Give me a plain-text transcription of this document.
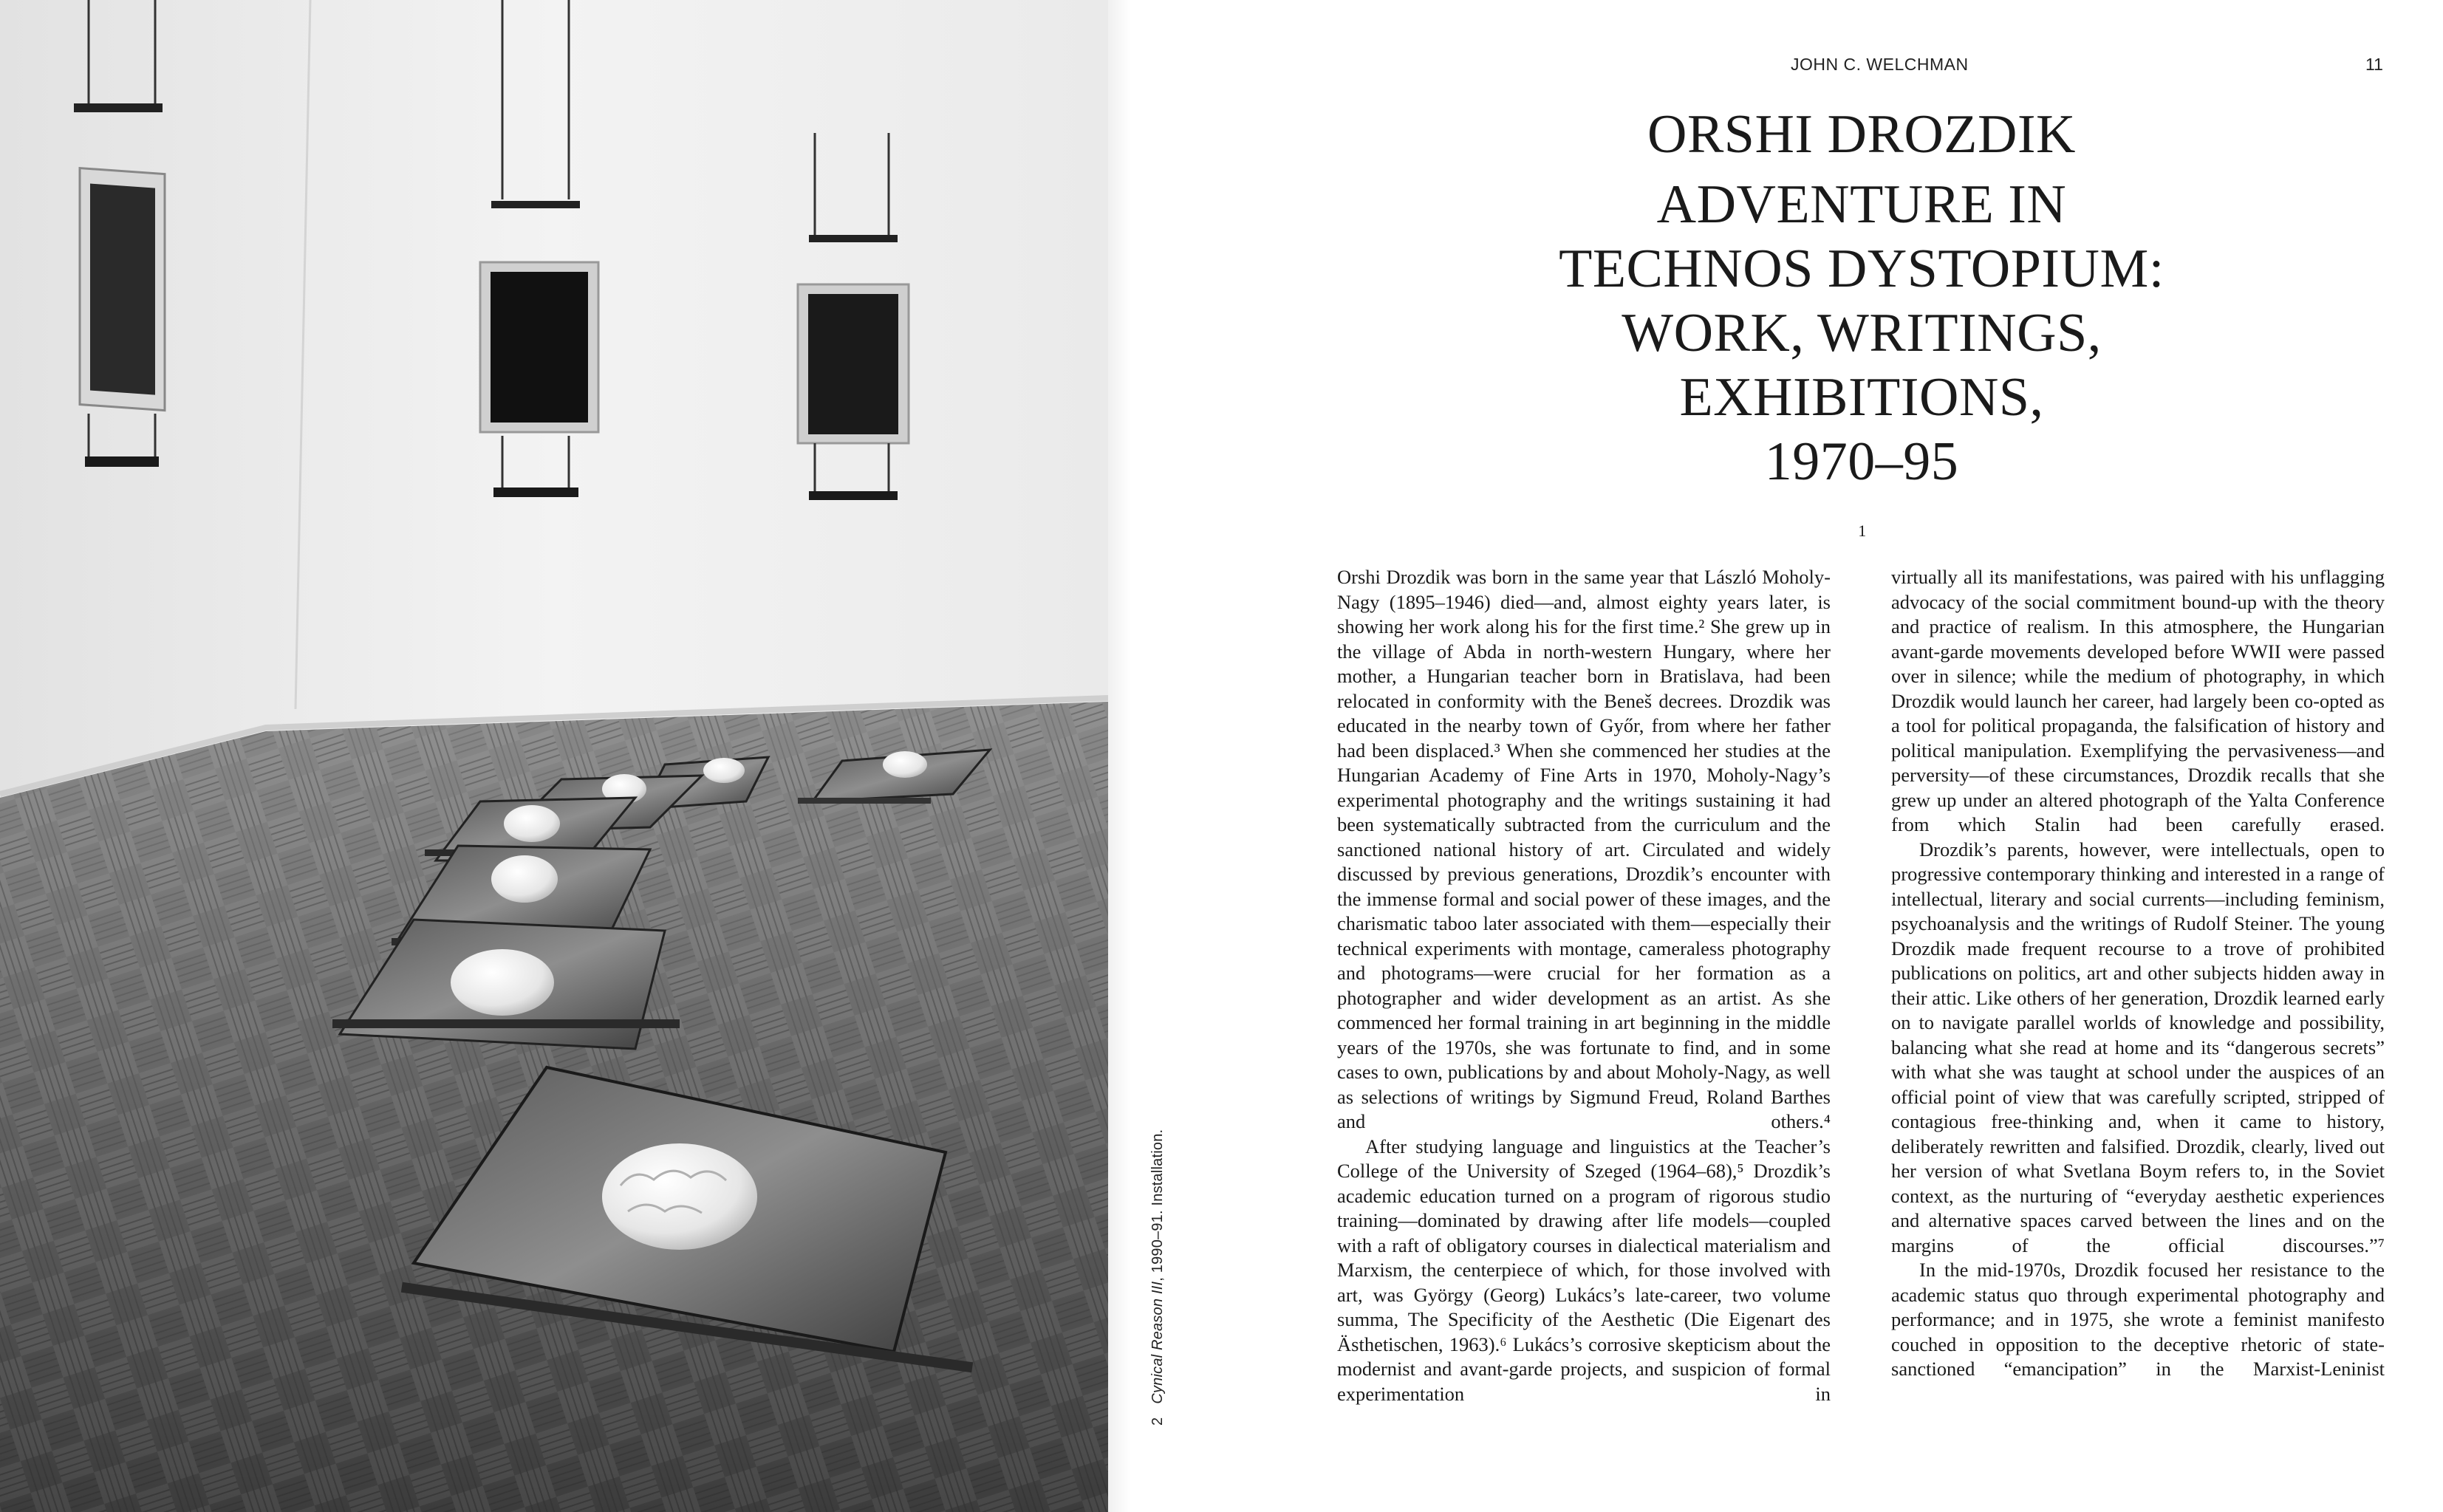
2Cynical Reason III, 1990–91. Installation.
JOHN C. WELCHMAN	11
ORSHI DROZDIK
ADVENTURE IN
TECHNOS DYSTOPIUM:
WORK, WRITINGS,
EXHIBITIONS,
1970–95
$^1$

Orshi Drozdik was born in the same year that László Moholy-Nagy (1895–1946) died—and, almost eighty years later, is showing her work along his for the first time.² She grew up in the village of Abda in north-western Hungary, where her mother, a Hungarian teacher born in Bratislava, had been relocated in conformity with the Beneš decrees. Drozdik was educated in the nearby town of Győr, from where her father had been displaced.³ When she commenced her studies at the Hungarian Academy of Fine Arts in 1970, Moholy-Nagy’s experimental photography and the writings sustaining it had been systematically subtracted from the curriculum and the sanctioned national history of art. Circulated and widely discussed by previous generations, Drozdik’s encounter with the immense formal and social power of these images, and the charismatic taboo later associated with them—especially their technical experiments with montage, cameraless photography and photograms—were crucial for her formation as a photographer and wider development as an artist. As she commenced her formal training in art beginning in the middle years of the 1970s, she was fortunate to find, and in some cases to own, publications by and about Moholy-Nagy, as well as selections of writings by Sigmund Freud, Roland Barthes and others.⁴

After studying language and linguistics at the Teacher’s College of the University of Szeged (1964–68),⁵ Drozdik’s academic education turned on a program of rigorous studio training—dominated by drawing after life models—coupled with a raft of obligatory courses in dialectical materialism and Marxism, the centerpiece of which, for those involved with art, was György (Georg) Lukács’s late-career, two volume summa, The Specificity of the Aesthetic (Die Eigenart des Ästhetischen, 1963).⁶ Lukács’s corrosive skepticism about the modernist and avant-garde projects, and suspicion of formal experimentation in

virtually all its manifestations, was paired with his unflagging advocacy of the social commitment bound-up with the theory and practice of realism. In this atmosphere, the Hungarian avant-garde movements developed before WWII were passed over in silence; while the medium of photography, in which Drozdik would launch her career, had largely been co-opted as a tool for political propaganda, the falsification of history and political manipulation. Exemplifying the pervasiveness—and perversity—of these circumstances, Drozdik recalls that she grew up under an altered photograph of the Yalta Conference from which Stalin had been carefully erased.

Drozdik’s parents, however, were intellectuals, open to progressive contemporary thinking and interested in a range of intellectual, literary and social currents—including feminism, psychoanalysis and the writings of Rudolf Steiner. The young Drozdik made frequent recourse to a trove of prohibited publications on politics, art and other subjects hidden away in their attic. Like others of her generation, Drozdik learned early on to navigate parallel worlds of knowledge and possibility, balancing what she read at home and its “dangerous secrets” with what she was taught at school under the auspices of an official point of view that was carefully scripted, stripped of contagious free-thinking and, when it came to history, deliberately rewritten and falsified. Drozdik, clearly, lived out her version of what Svetlana Boym refers to, in the Soviet context, as the nurturing of “everyday aesthetic experiences and alternative spaces carved between the lines and on the margins of the official discourses.”⁷

In the mid-1970s, Drozdik focused her resistance to the academic status quo through experimental photography and performance; and in 1975, she wrote a feminist manifesto couched in opposition to the deceptive rhetoric of state-sanctioned “emancipation” in the Marxist-Leninist
